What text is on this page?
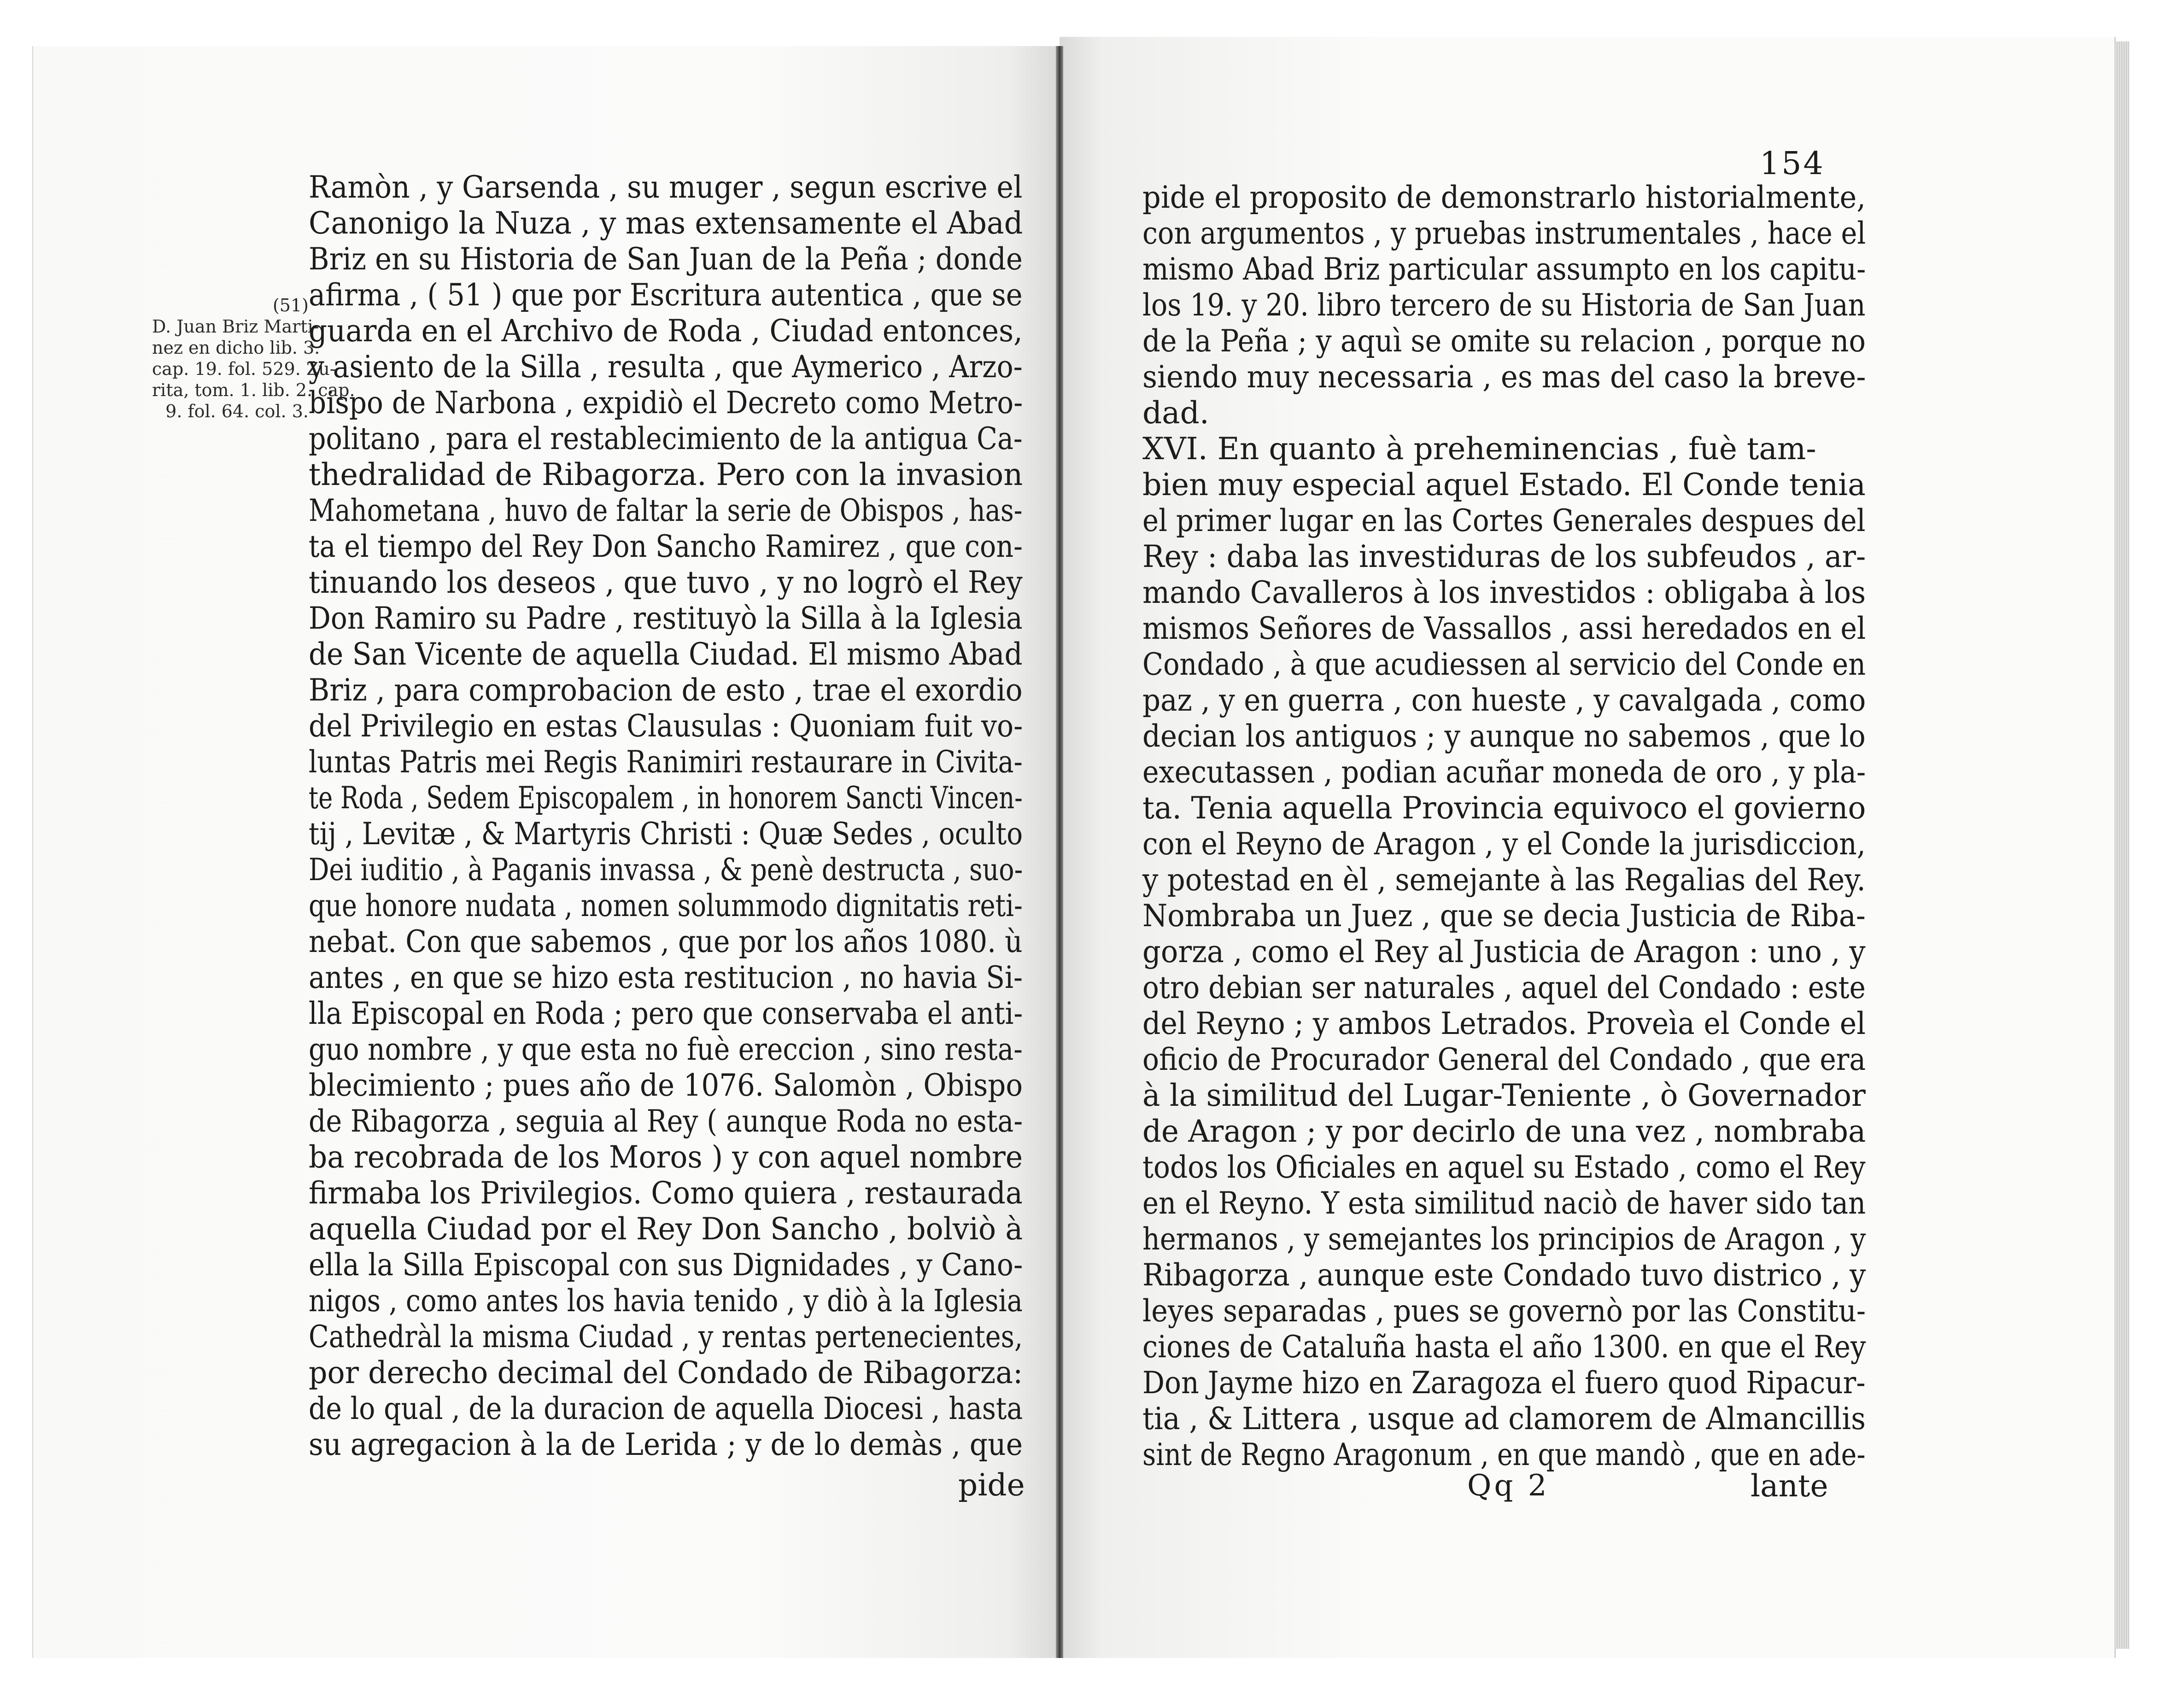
(51)
D. Juan Briz Marti-
nez en dicho lib. 3.
cap. 19. fol. 529. Zu-
rita, tom. 1. lib. 2. cap.
9. fol. 64. col. 3.
Ramòn , y Garsenda , su muger , segun escrive el
Canonigo la Nuza , y mas extensamente el Abad
Briz en su Historia de San Juan de la Peña ; donde
afirma , ( 51 ) que por Escritura autentica , que se
guarda en el Archivo de Roda , Ciudad entonces,
y asiento de la Silla , resulta , que Aymerico , Arzo-
bispo de Narbona , expidiò el Decreto como Metro-
politano , para el restablecimiento de la antigua Ca-
thedralidad de Ribagorza. Pero con la invasion
Mahometana , huvo de faltar la serie de Obispos , has-
ta el tiempo del Rey Don Sancho Ramirez , que con-
tinuando los deseos , que tuvo , y no logrò el Rey
Don Ramiro su Padre , restituyò la Silla à la Iglesia
de San Vicente de aquella Ciudad. El mismo Abad
Briz , para comprobacion de esto , trae el exordio
del Privilegio en estas Clausulas : Quoniam fuit vo-
luntas Patris mei Regis Ranimiri restaurare in Civita-
te Roda , Sedem Episcopalem , in honorem Sancti Vincen-
tij , Levitæ , & Martyris Christi : Quæ Sedes , oculto
Dei iuditio , à Paganis invassa , & penè destructa , suo-
que honore nudata , nomen solummodo dignitatis reti-
nebat. Con que sabemos , que por los años 1080. ù
antes , en que se hizo esta restitucion , no havia Si-
lla Episcopal en Roda ; pero que conservaba el anti-
guo nombre , y que esta no fuè ereccion , sino resta-
blecimiento ; pues año de 1076. Salomòn , Obispo
de Ribagorza , seguia al Rey ( aunque Roda no esta-
ba recobrada de los Moros ) y con aquel nombre
firmaba los Privilegios. Como quiera , restaurada
aquella Ciudad por el Rey Don Sancho , bolviò à
ella la Silla Episcopal con sus Dignidades , y Cano-
nigos , como antes los havia tenido , y diò à la Iglesia
Cathedràl la misma Ciudad , y rentas pertenecientes,
por derecho decimal del Condado de Ribagorza:
de lo qual , de la duracion de aquella Diocesi , hasta
su agregacion à la de Lerida ; y de lo demàs , que
pide
154
pide el proposito de demonstrarlo historialmente,
con argumentos , y pruebas instrumentales , hace el
mismo Abad Briz particular assumpto en los capitu-
los 19. y 20. libro tercero de su Historia de San Juan
de la Peña ; y aquì se omite su relacion , porque no
siendo muy necessaria , es mas del caso la breve-
dad.
XVI. En quanto à preheminencias , fuè tam-
bien muy especial aquel Estado. El Conde tenia
el primer lugar en las Cortes Generales despues del
Rey : daba las investiduras de los subfeudos , ar-
mando Cavalleros à los investidos : obligaba à los
mismos Señores de Vassallos , assi heredados en el
Condado , à que acudiessen al servicio del Conde en
paz , y en guerra , con hueste , y cavalgada , como
decian los antiguos ; y aunque no sabemos , que lo
executassen , podian acuñar moneda de oro , y pla-
ta. Tenia aquella Provincia equivoco el govierno
con el Reyno de Aragon , y el Conde la jurisdiccion,
y potestad en èl , semejante à las Regalias del Rey.
Nombraba un Juez , que se decia Justicia de Riba-
gorza , como el Rey al Justicia de Aragon : uno , y
otro debian ser naturales , aquel del Condado : este
del Reyno ; y ambos Letrados. Proveìa el Conde el
oficio de Procurador General del Condado , que era
à la similitud del Lugar-Teniente , ò Governador
de Aragon ; y por decirlo de una vez , nombraba
todos los Oficiales en aquel su Estado , como el Rey
en el Reyno. Y esta similitud naciò de haver sido tan
hermanos , y semejantes los principios de Aragon , y
Ribagorza , aunque este Condado tuvo districo , y
leyes separadas , pues se governò por las Constitu-
ciones de Cataluña hasta el año 1300. en que el Rey
Don Jayme hizo en Zaragoza el fuero quod Ripacur-
tia , & Littera , usque ad clamorem de Almancillis
sint de Regno Aragonum , en que mandò , que en ade-
Qq 2	lante
